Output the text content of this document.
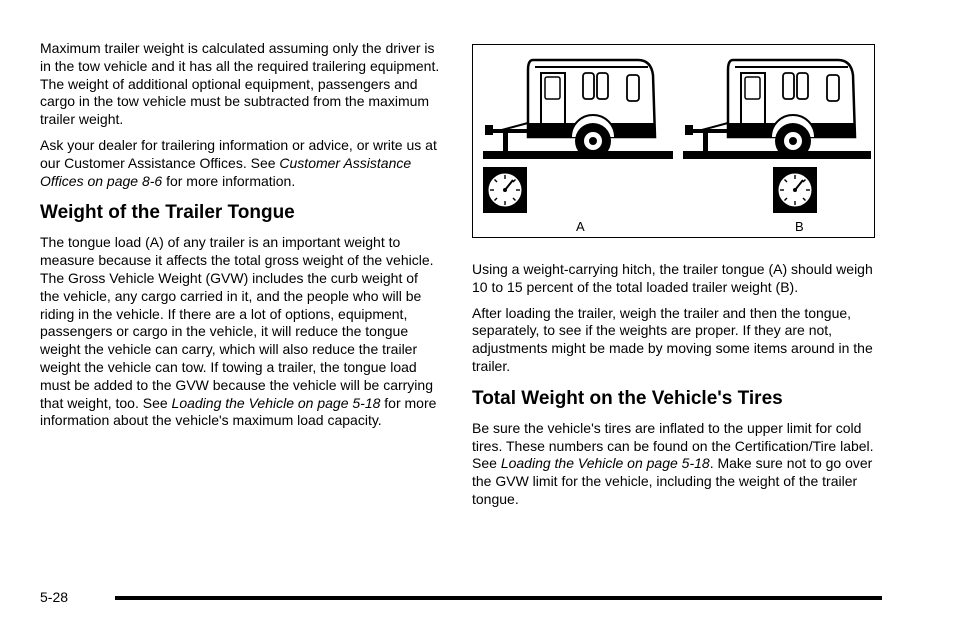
Maximum trailer weight is calculated assuming only the driver is in the tow vehicle and it has all the required trailering equipment. The weight of additional optional equipment, passengers and cargo in the tow vehicle must be subtracted from the maximum trailer weight.

Ask your dealer for trailering information or advice, or write us at our Customer Assistance Offices. See Customer Assistance Offices on page 8-6 for more information.

Weight of the Trailer Tongue

The tongue load (A) of any trailer is an important weight to measure because it affects the total gross weight of the vehicle. The Gross Vehicle Weight (GVW) includes the curb weight of the vehicle, any cargo carried in it, and the people who will be riding in the vehicle. If there are a lot of options, equipment, passengers or cargo in the vehicle, it will reduce the tongue weight the vehicle can carry, which will also reduce the trailer weight the vehicle can tow. If towing a trailer, the tongue load must be added to the GVW because the vehicle will be carrying that weight, too. See Loading the Vehicle on page 5-18 for more information about the vehicle's maximum load capacity.

A	B

Using a weight-carrying hitch, the trailer tongue (A) should weigh 10 to 15 percent of the total loaded trailer weight (B).

After loading the trailer, weigh the trailer and then the tongue, separately, to see if the weights are proper. If they are not, adjustments might be made by moving some items around in the trailer.

Total Weight on the Vehicle's Tires

Be sure the vehicle's tires are inflated to the upper limit for cold tires. These numbers can be found on the Certification/Tire label. See Loading the Vehicle on page 5-18. Make sure not to go over the GVW limit for the vehicle, including the weight of the trailer tongue.

5-28
